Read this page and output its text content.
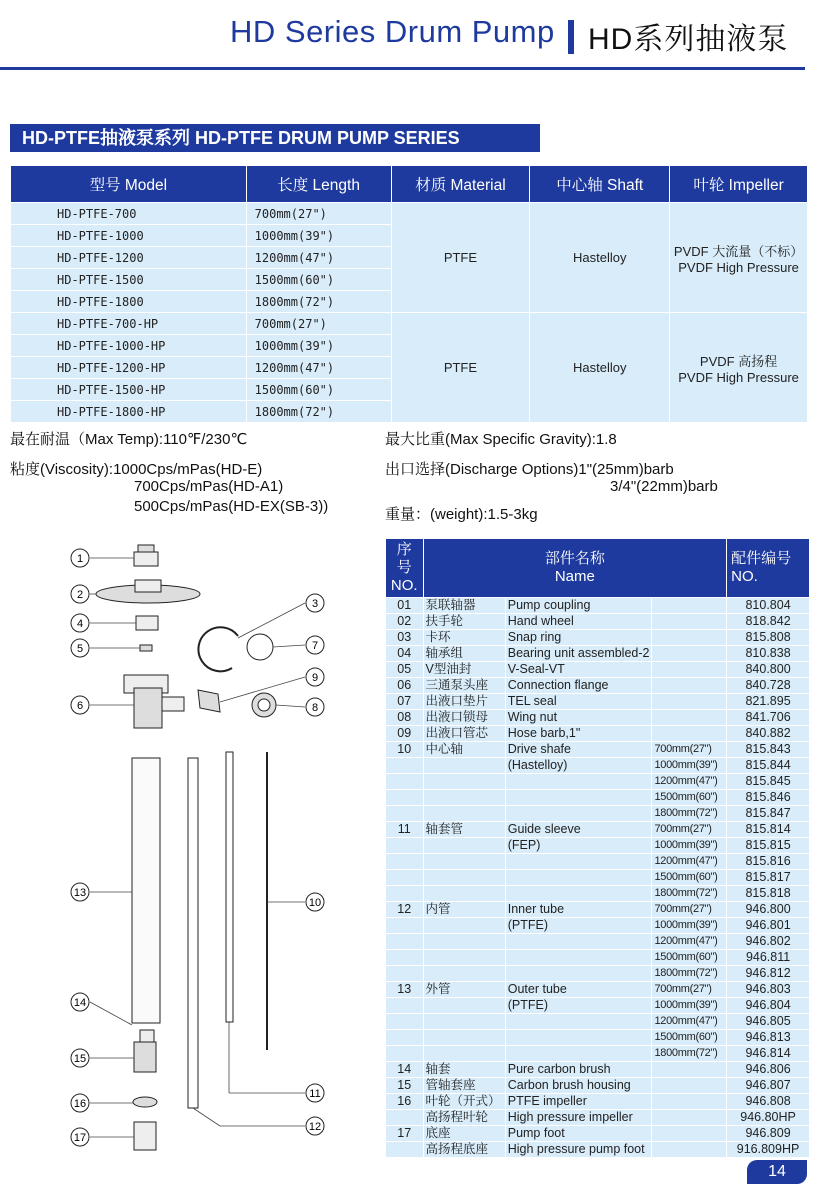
HD Series Drum Pump HD系列抽液泵
HD-PTFE抽液泵系列 HD-PTFE DRUM PUMP SERIES
型号 Model	长度 Length	材质 Material	中心轴 Shaft	叶轮 Impeller
HD-PTFE-700	700mm(27")	PTFE	Hastelloy	PVDF 大流量（不标）
PVDF High Pressure

HD-PTFE-1000	1000mm(39")			
HD-PTFE-1200	1200mm(47")			
HD-PTFE-1500	1500mm(60")			
HD-PTFE-1800	1800mm(72")			
HD-PTFE-700-HP	700mm(27")	PTFE	Hastelloy	PVDF 高扬程
PVDF High Pressure

HD-PTFE-1000-HP	1000mm(39")			
HD-PTFE-1200-HP	1200mm(47")			
HD-PTFE-1500-HP	1500mm(60")			
HD-PTFE-1800-HP	1800mm(72")			
最在耐温（Max Temp):110℉/230℃
粘度(Viscosity):1000Cps/mPas(HD-E)
700Cps/mPas(HD-A1)
500Cps/mPas(HD-EX(SB-3))
最大比重(Max Specific Gravity):1.8
出口选择(Discharge Options)1"(25mm)barb
3/4"(22mm)barb
重量：(weight):1.5-3kg
1
2
3
4
5
6
7
8
9
10
11
12
13
14
15
16
17
序号
NO.	部件名称
Name			配件编号
NO.
01	泵联轴器	Pump coupling		810.804
02	扶手轮	Hand wheel		818.842
03	卡环	Snap ring		815.808
04	轴承组	Bearing unit assembled-2		810.838
05	V型油封	V-Seal-VT		840.800
06	三通泵头座	Connection flange		840.728
07	出液口垫片	TEL seal		821.895
08	出液口锁母	Wing nut		841.706
09	出液口管芯	Hose barb,1"		840.882
10	中心轴	Drive shafe	700mm(27")	815.843
		(Hastelloy)	1000mm(39")	815.844
			1200mm(47")	815.845
			1500mm(60")	815.846
			1800mm(72")	815.847
11	轴套管	Guide sleeve	700mm(27")	815.814
		(FEP)	1000mm(39")	815.815
			1200mm(47")	815.816
			1500mm(60")	815.817
			1800mm(72")	815.818
12	内管	Inner tube	700mm(27")	946.800
		(PTFE)	1000mm(39")	946.801
			1200mm(47")	946.802
			1500mm(60")	946.811
			1800mm(72")	946.812
13	外管	Outer tube	700mm(27")	946.803
		(PTFE)	1000mm(39")	946.804
			1200mm(47")	946.805
			1500mm(60")	946.813
			1800mm(72")	946.814
14	轴套	Pure carbon brush		946.806
15	管轴套座	Carbon brush housing		946.807
16	叶轮（开式）	PTFE impeller		946.808
	高扬程叶轮	High pressure impeller		946.80HP
17	底座	Pump foot		946.809
	高扬程底座	High pressure pump foot		916.809HP
14
